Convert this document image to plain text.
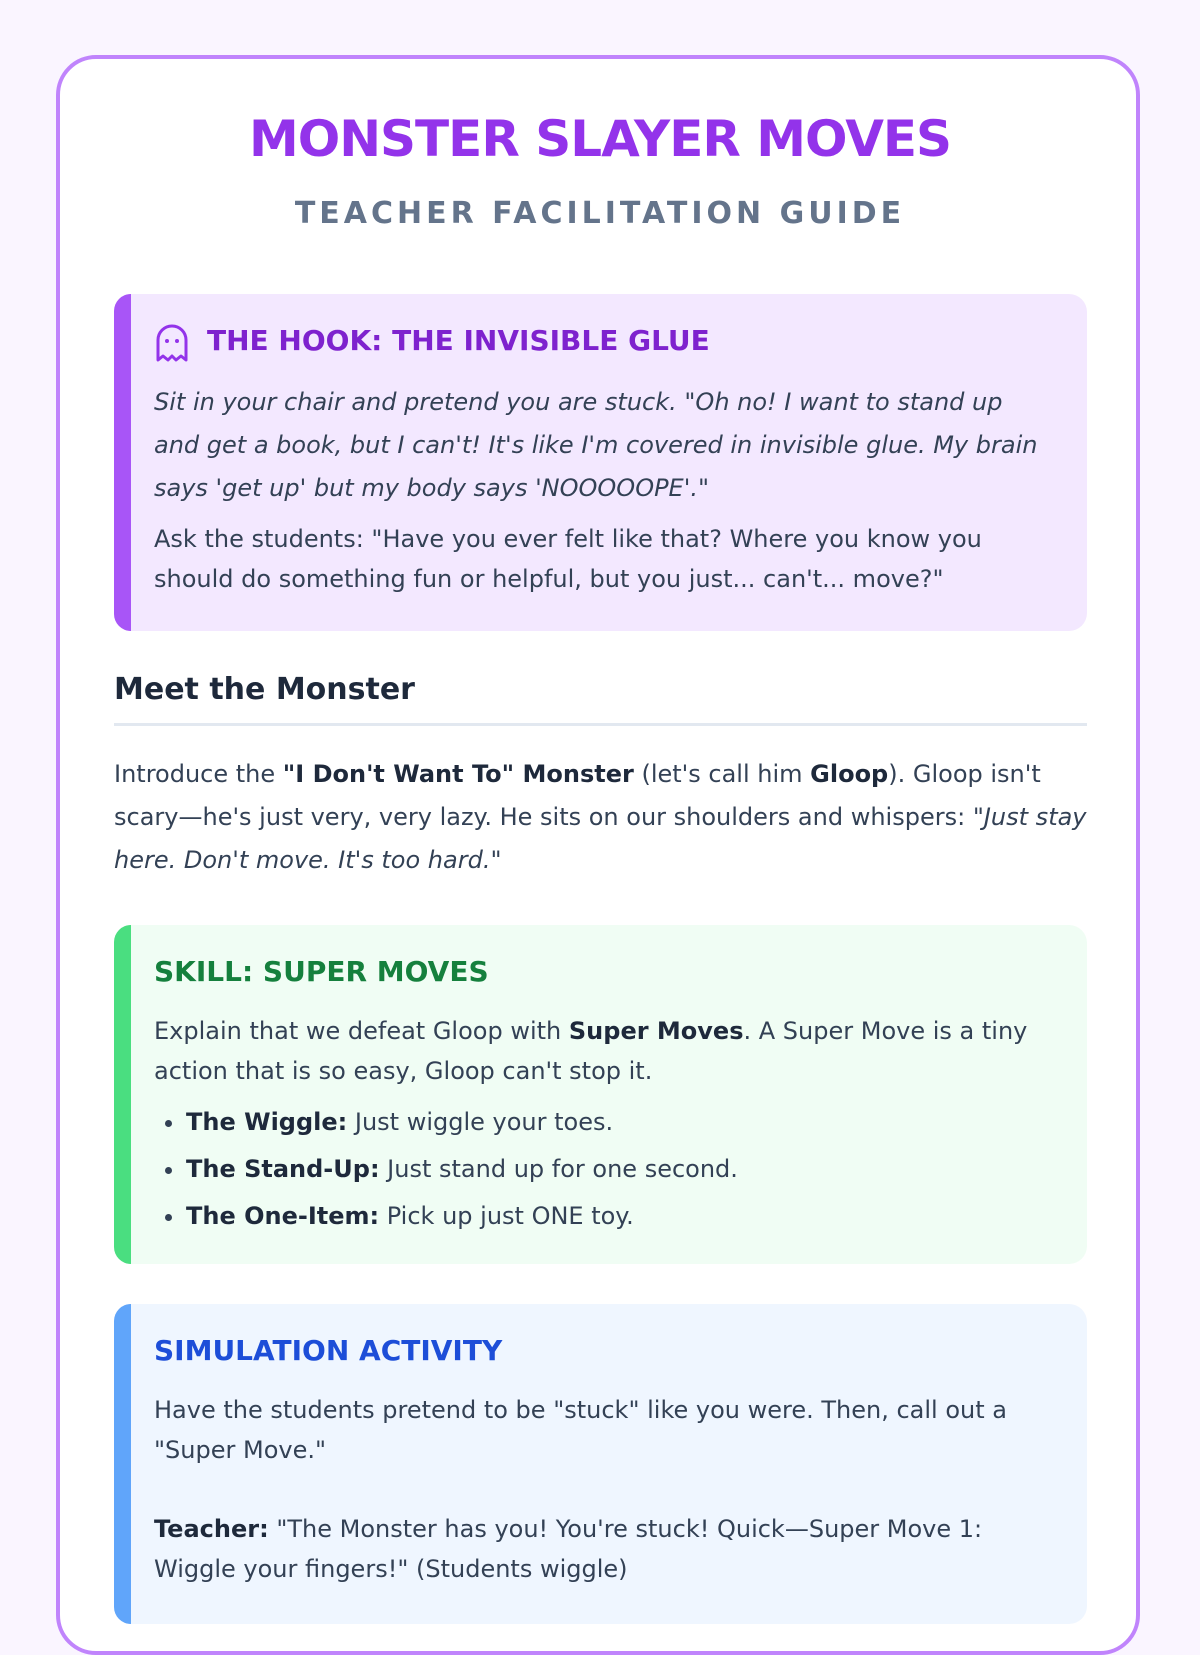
MONSTER SLAYER MOVES
TEACHER FACILITATION GUIDE
THE HOOK: THE INVISIBLE GLUE

Sit in your chair and pretend you are stuck. "Oh no! I want to stand up and get a book, but I can't! It's like I'm covered in invisible glue. My brain says 'get up' but my body says 'NOOOOOPE'."

Ask the students: "Have you ever felt like that? Where you know you should do something fun or helpful, but you just... can't... move?"

Meet the Monster

Introduce the "I Don't Want To" Monster (let's call him Gloop). Gloop isn't scary—he's just very, very lazy. He sits on our shoulders and whispers: "Just stay here. Don't move. It's too hard."

SKILL: SUPER MOVES

Explain that we defeat Gloop with Super Moves. A Super Move is a tiny action that is so easy, Gloop can't stop it.

• The Wiggle: Just wiggle your toes.
• The Stand-Up: Just stand up for one second.
• The One-Item: Pick up just ONE toy.
SIMULATION ACTIVITY

Have the students pretend to be "stuck" like you were. Then, call out a "Super Move."

Teacher: "The Monster has you! You're stuck! Quick—Super Move 1: Wiggle your fingers!" (Students wiggle)
